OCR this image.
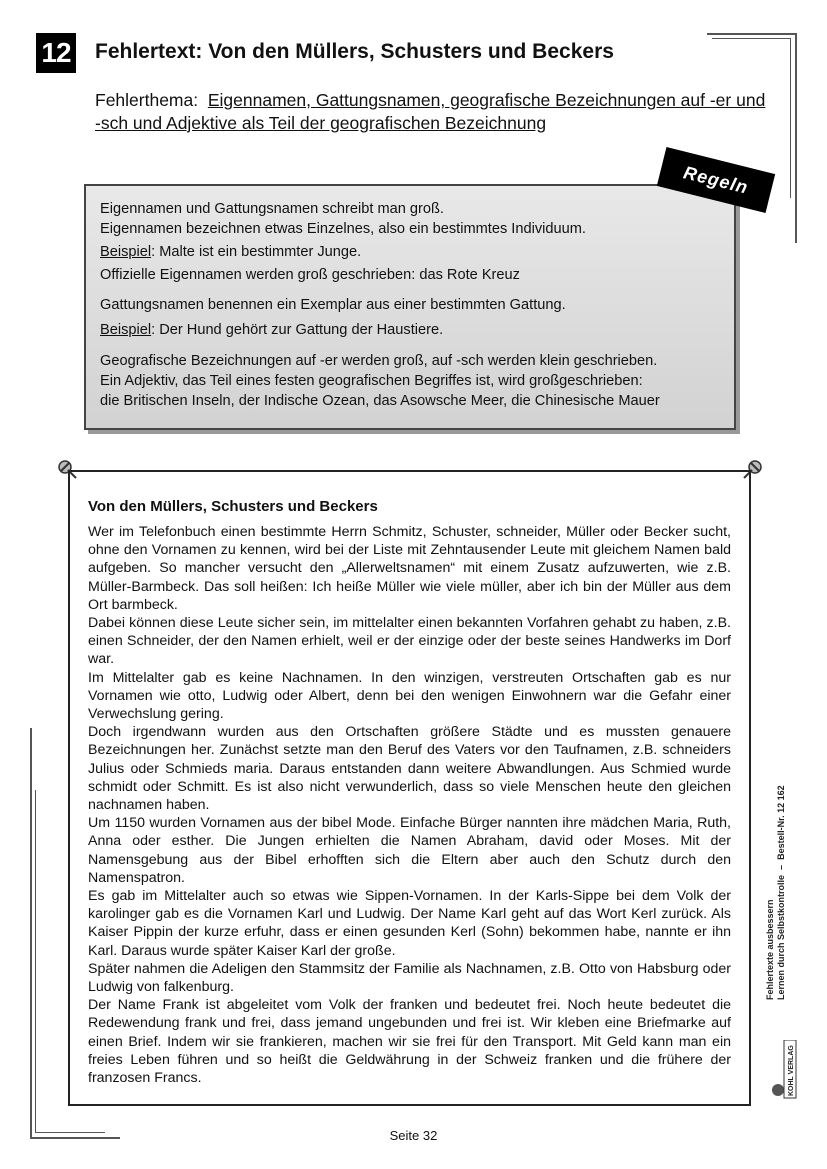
12 Fehlertext: Von den Müllers, Schusters und Beckers
Fehlerthema: Eigennamen, Gattungsnamen, geografische Bezeichnungen auf -er und -sch und Adjektive als Teil der geografischen Bezeichnung

Eigennamen und Gattungsnamen schreibt man groß.

Eigennamen bezeichnen etwas Einzelnes, also ein bestimmtes Individuum.

Beispiel: Malte ist ein bestimmter Junge.

Offizielle Eigennamen werden groß geschrieben: das Rote Kreuz

Gattungsnamen benennen ein Exemplar aus einer bestimmten Gattung.

Beispiel: Der Hund gehört zur Gattung der Haustiere.

Geografische Bezeichnungen auf -er werden groß, auf -sch werden klein geschrieben.

Ein Adjektiv, das Teil eines festen geografischen Begriffes ist, wird großgeschrieben:

die Britischen Inseln, der Indische Ozean, das Asowsche Meer, die Chinesische Mauer

Regeln
Von den Müllers, Schusters und Beckers
Wer im Telefonbuch einen bestimmte Herrn Schmitz, Schuster, schneider, Müller oder Becker sucht, ohne den Vornamen zu kennen, wird bei der Liste mit Zehntausender Leute mit gleichem Namen bald aufgeben. So mancher versucht den „Allerweltsnamen“ mit einem Zusatz aufzuwerten, wie z.B. Müller-Barmbeck. Das soll heißen: Ich heiße Müller wie viele müller, aber ich bin der Müller aus dem Ort barmbeck.
Dabei können diese Leute sicher sein, im mittelalter einen bekannten Vorfahren gehabt zu haben, z.B. einen Schneider, der den Namen erhielt, weil er der einzige oder der beste seines Handwerks im Dorf war.
Im Mittelalter gab es keine Nachnamen. In den winzigen, verstreuten Ortschaften gab es nur Vornamen wie otto, Ludwig oder Albert, denn bei den wenigen Einwohnern war die Gefahr einer Verwechslung gering.
Doch irgendwann wurden aus den Ortschaften größere Städte und es mussten genauere Bezeichnungen her. Zunächst setzte man den Beruf des Vaters vor den Taufnamen, z.B. schneiders Julius oder Schmieds maria. Daraus entstanden dann weitere Abwandlungen. Aus Schmied wurde schmidt oder Schmitt. Es ist also nicht verwunderlich, dass so viele Menschen heute den gleichen nachnamen haben.
Um 1150 wurden Vornamen aus der bibel Mode. Einfache Bürger nannten ihre mädchen Maria, Ruth, Anna oder esther. Die Jungen erhielten die Namen Abraham, david oder Moses. Mit der Namensgebung aus der Bibel erhofften sich die Eltern aber auch den Schutz durch den Namenspatron.
Es gab im Mittelalter auch so etwas wie Sippen-Vornamen. In der Karls-Sippe bei dem Volk der karolinger gab es die Vornamen Karl und Ludwig. Der Name Karl geht auf das Wort Kerl zurück. Als Kaiser Pippin der kurze erfuhr, dass er einen gesunden Kerl (Sohn) bekommen habe, nannte er ihn Karl. Daraus wurde später Kaiser Karl der große.
Später nahmen die Adeligen den Stammsitz der Familie als Nachnamen, z.B. Otto von Habsburg oder Ludwig von falkenburg.
Der Name Frank ist abgeleitet vom Volk der franken und bedeutet frei. Noch heute bedeutet die Redewendung frank und frei, dass jemand ungebunden und frei ist. Wir kleben eine Briefmarke auf einen Brief. Indem wir sie frankieren, machen wir sie frei für den Transport. Mit Geld kann man ein freies Leben führen und so heißt die Geldwährung in der Schweiz franken und die frühere der franzosen Francs.
Fehlertexte ausbessern Lernen durch Selbstkontrolle  –  Bestell-Nr. 12 162
KOHL VERLAG
Seite 32
